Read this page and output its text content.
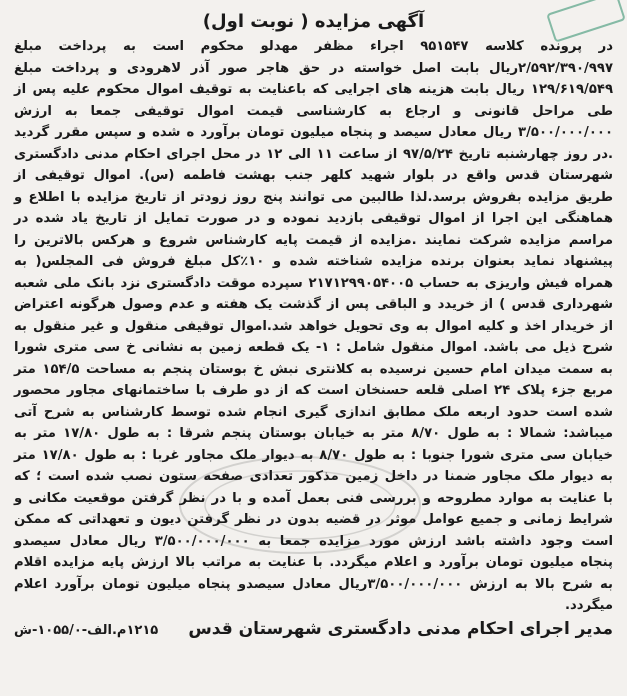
آگهی مزایده ( نوبت اول)

در پرونده کلاسه ۹۵۱۵۴۷ اجراء مظفر مهدلو محکوم است به پرداخت مبلغ ۲/۵۹۲/۳۹۰/۹۹۷ریال بابت اصل خواسته در حق هاجر صور آذر لاهرودی و پرداخت مبلغ ۱۲۹/۶۱۹/۵۴۹ ریال بابت هزینه های اجرایی که باعنایت به توقیف اموال محکوم علیه پس از طی مراحل قانونی و ارجاع به کارشناسی قیمت اموال توقیفی جمعا به ارزش ۳/۵۰۰/۰۰۰/۰۰۰ ریال معادل سیصد و پنجاه میلیون تومان برآورد ه شده و سپس مقرر گردید .در روز چهارشنبه تاریخ ۹۷/۵/۲۴ از ساعت ۱۱ الی ۱۲ در محل اجرای احکام مدنی دادگستری شهرستان قدس واقع در بلوار شهید کلهر جنب بهشت فاطمه (س). اموال توقیفی از طریق مزایده بفروش برسد.لذا طالبین می توانند پنج روز زودتر از تاریخ مزایده با اطلاع و هماهنگی این اجرا از اموال توقیفی بازدید نموده و در صورت تمایل از تاریخ یاد شده در مراسم مزایده شرکت نمایند .مزایده از قیمت پایه کارشناس شروع و هرکس بالاترین را پیشنهاد نماید بعنوان برنده مزایده شناخته شده و ۱۰٪کل مبلغ فروش فی المجلس( به همراه فیش واریزی به حساب ۲۱۷۱۲۹۹۰۵۴۰۰۵ سپرده موقت دادگستری نزد بانک ملی شعبه شهرداری قدس ) از خریدد و الباقی پس از گذشت یک هفته و عدم وصول هرگونه اعتراض از خریدار اخذ و کلیه اموال به وی تحویل خواهد شد.اموال توقیفی منقول و غیر منقول به شرح ذیل می باشد. اموال منقول شامل : ۱- یک قطعه زمین به نشانی خ سی متری شورا به سمت میدان امام حسین نرسیده به کلانتری نبش خ بوستان پنجم به مساحت ۱۵۴/۵ متر مربع جزء پلاک ۲۴ اصلی قلعه حسنخان است که از دو طرف با ساختمانهای مجاور محصور شده است حدود اربعه ملک مطابق اندازی گیری انجام شده توسط کارشناس به شرح آتی میباشد: شمالا : به طول ۸/۷۰ متر به خیابان بوستان پنجم شرقا : به طول ۱۷/۸۰ متر به خیابان سی متری شورا جنوبا : به طول ۸/۷۰ به دیوار ملک مجاور غربا : به طول ۱۷/۸۰ متر به دیوار ملک مجاور ضمنا در داخل زمین مذکور تعدادی صفحه ستون نصب شده است ؛ که با عنایت به موارد مطروحه و بررسی فنی بعمل آمده و با در نظر گرفتن موقعیت مکانی و شرایط زمانی و جمیع عوامل موثر در قضیه بدون در نظر گرفتن دیون و تعهداتی که ممکن است وجود داشته باشد ارزش مورد مزایده جمعا به ۳/۵۰۰/۰۰۰/۰۰۰ ریال معادل سیصدو پنجاه میلیون تومان برآورد و اعلام میگردد. با عنایت به مراتب بالا ارزش پایه مزایده اقلام به شرح بالا به ارزش ۳/۵۰۰/۰۰۰/۰۰۰ریال معادل سیصدو پنجاه میلیون تومان برآورد اعلام میگردد.

مدیر اجرای احکام مدنی دادگستری شهرستان قدس
۱۲۱۵م.الف-۱۰۵۵/۰-ش
